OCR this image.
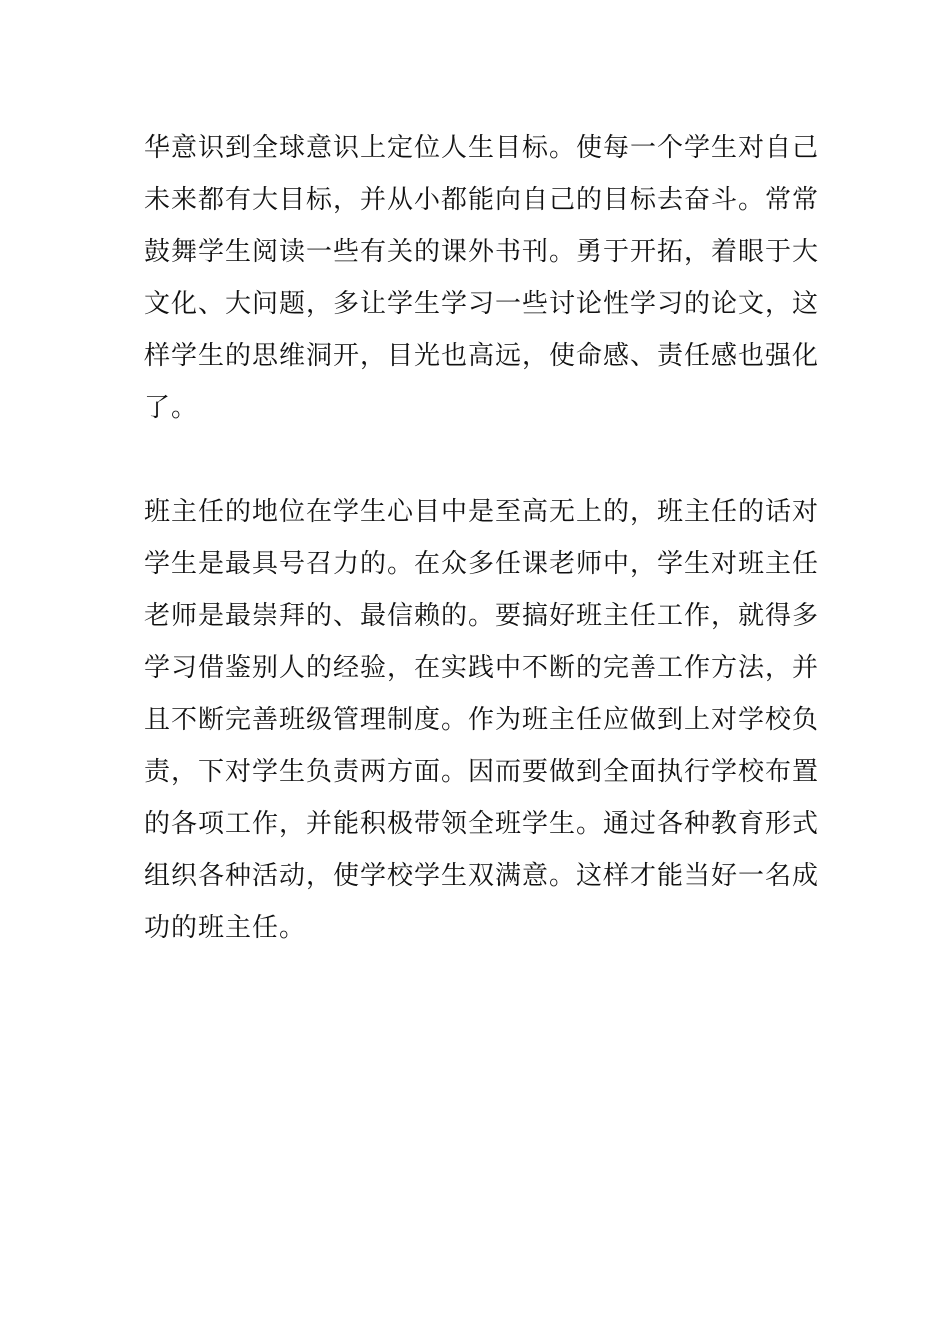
华意识到全球意识上定位人生目标。使每一个学生对自己
未来都有大目标，并从小都能向自己的目标去奋斗。常常
鼓舞学生阅读一些有关的课外书刊。勇于开拓，着眼于大
文化、大问题，多让学生学习一些讨论性学习的论文，这
样学生的思维洞开，目光也高远，使命感、责任感也强化
了。
班主任的地位在学生心目中是至高无上的，班主任的话对
学生是最具号召力的。在众多任课老师中，学生对班主任
老师是最崇拜的、最信赖的。要搞好班主任工作，就得多
学习借鉴别人的经验，在实践中不断的完善工作方法，并
且不断完善班级管理制度。作为班主任应做到上对学校负
责，下对学生负责两方面。因而要做到全面执行学校布置
的各项工作，并能积极带领全班学生。通过各种教育形式
组织各种活动，使学校学生双满意。这样才能当好一名成
功的班主任。
